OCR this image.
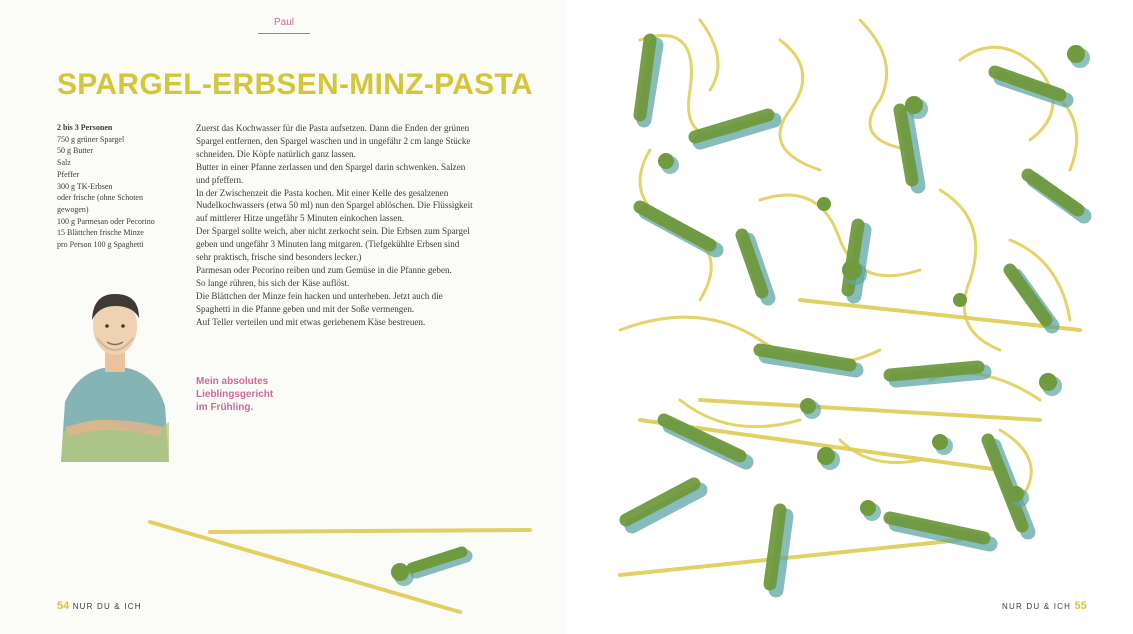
Paul
SPARGEL-ERBSEN-MINZ-PASTA
2 bis 3 Personen
750 g grüner Spargel
50 g Butter
Salz
Pfeffer
300 g TK-Erbsen
oder frische (ohne Schoten
gewogen)
100 g Parmesan oder Pecorino
15 Blättchen frische Minze
pro Person 100 g Spaghetti
Zuerst das Kochwasser für die Pasta aufsetzen. Dann die Enden der grünen
Spargel entfernen, den Spargel waschen und in ungefähr 2 cm lange Stücke
schneiden. Die Köpfe natürlich ganz lassen.
Butter in einer Pfanne zerlassen und den Spargel darin schwenken. Salzen
und pfeffern.
In der Zwischenzeit die Pasta kochen. Mit einer Kelle des gesalzenen
Nudelkochwassers (etwa 50 ml) nun den Spargel ablöschen. Die Flüssigkeit
auf mittlerer Hitze ungefähr 5 Minuten einkochen lassen.
Der Spargel sollte weich, aber nicht zerkocht sein. Die Erbsen zum Spargel
geben und ungefähr 3 Minuten lang mitgaren. (Tiefgekühlte Erbsen sind
sehr praktisch, frische sind besonders lecker.)
Parmesan oder Pecorino reiben und zum Gemüse in die Pfanne geben.
So lange rühren, bis sich der Käse auflöst.
Die Blättchen der Minze fein hacken und unterheben. Jetzt auch die
Spaghetti in die Pfanne geben und mit der Soße vermengen.
Auf Teller verteilen und mit etwas geriebenem Käse bestreuen.
Mein absolutes
Lieblingsgericht
im Frühling.
54 NUR DU & ICH	NUR DU & ICH 55
